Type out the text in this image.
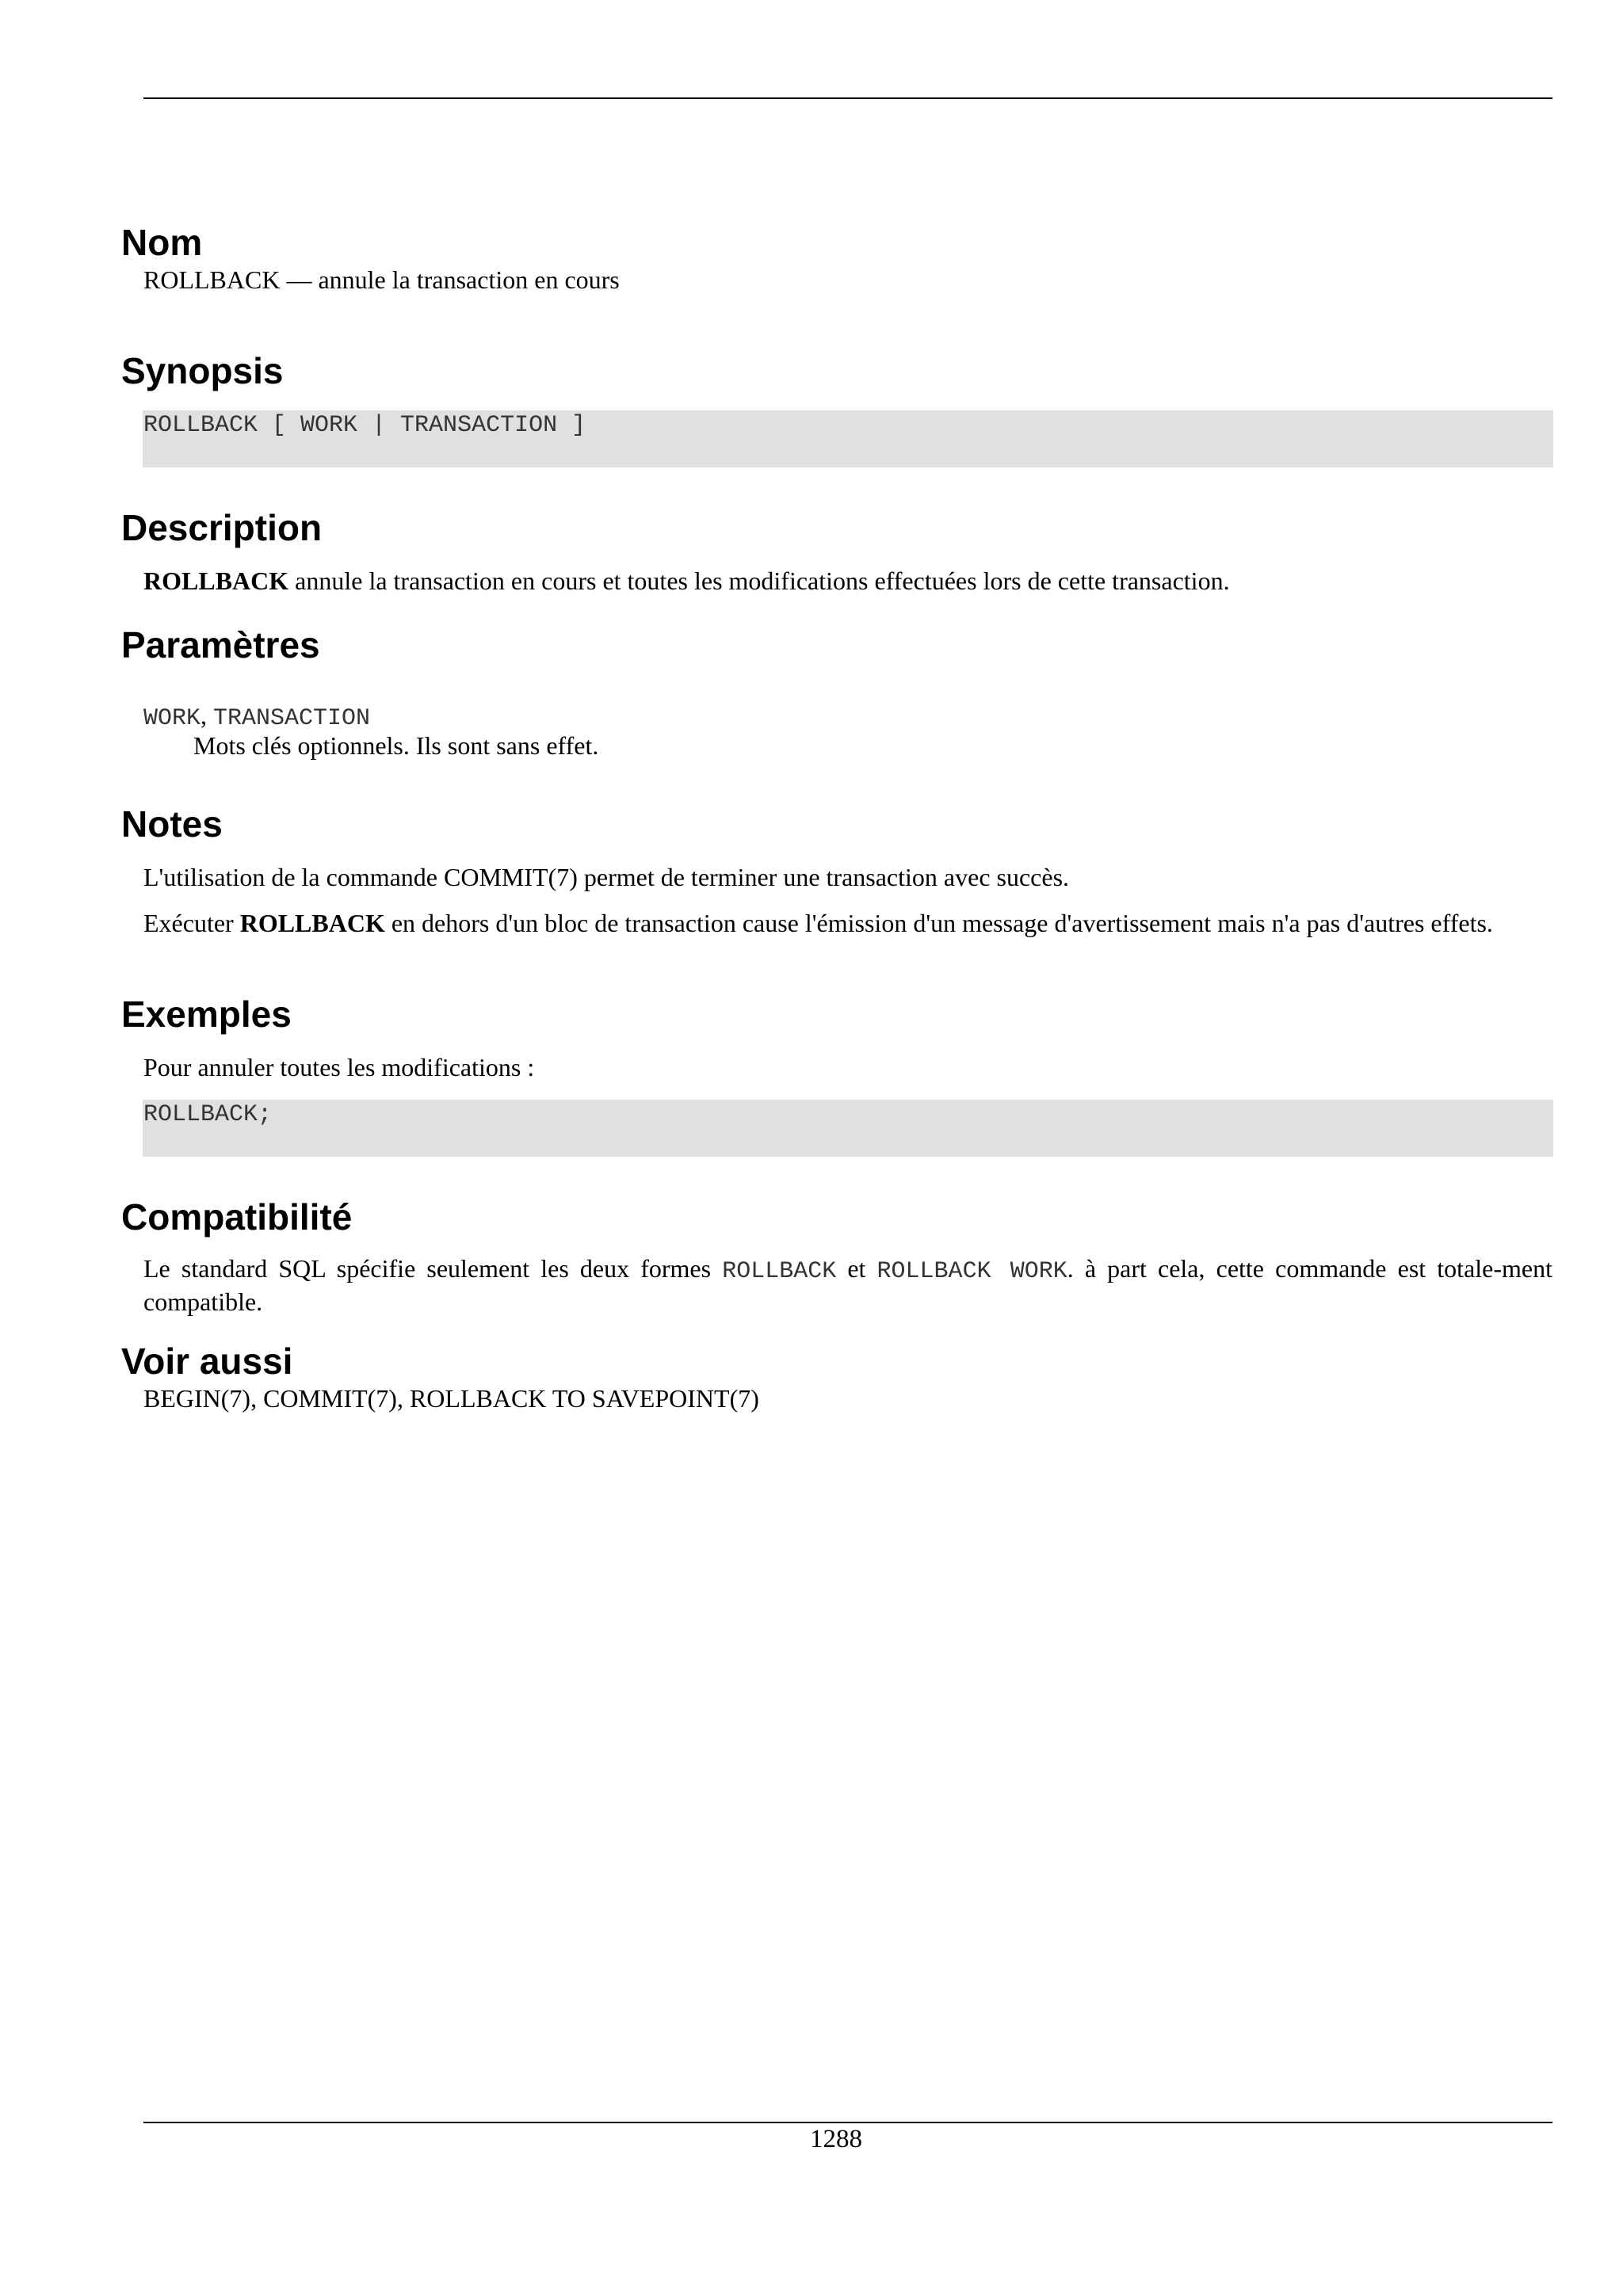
Nom

ROLLBACK — annule la transaction en cours

Synopsis
ROLLBACK [ WORK | TRANSACTION ]
Description

ROLLBACK annule la transaction en cours et toutes les modifications effectuées lors de cette transaction.

Paramètres
WORK, TRANSACTION
Mots clés optionnels. Ils sont sans effet.
Notes

L'utilisation de la commande COMMIT(7) permet de terminer une transaction avec succès.

Exécuter ROLLBACK en dehors d'un bloc de transaction cause l'émission d'un message d'avertissement mais n'a pas d'autres effets.

Exemples

Pour annuler toutes les modifications :

ROLLBACK;
Compatibilité

Le standard SQL spécifie seulement les deux formes ROLLBACK et ROLLBACK WORK. à part cela, cette commande est totale-ment compatible.

Voir aussi

BEGIN(7), COMMIT(7), ROLLBACK TO SAVEPOINT(7)

1288
